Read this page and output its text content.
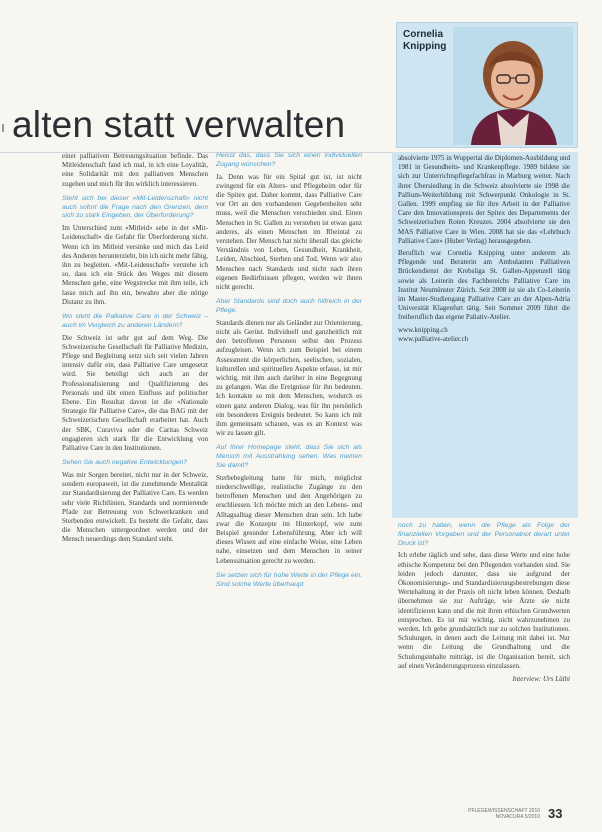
Cornelia
Knipping
alten statt verwalten

einer palliativen Betreuungsituation befinde. Das Mitleidenschaft fand ich mal, in ich eine Loyalität, eine Solidarität mit den palliativen Menschen zugehen und mich für ihn wirklich interessieren.

Steht sich bei dieser «Mit-Leidenschaft» nicht auch sofort die Frage nach den Grenzen, dem sich zu stark Eingeben, der Überforderung?

Im Unterschied zum «Mitleid» sehe in der «Mit-Leidenschaft» die Gefahr für Überforderung nicht. Wenn ich im Mitleid versinke und mich das Leid des Anderen herunterzieht, bin ich nicht mehr fähig, ihn zu begleiten. «Mit-Leidenschaft» verstehe ich so, dass ich ein Stück des Weges mit diesem Menschen gehe, eine Wegstrecke mit ihm teile, ich lasse mich auf ihn ein, bewahre aber die nötige Distanz zu ihm.

Wo steht die Palliative Care in der Schweiz – auch im Vergleich zu anderen Ländern?

Die Schweiz ist sehr gut auf dem Weg. Die Schweizerische Gesellschaft für Palliative Medizin, Pflege und Begleitung setzt sich seit vielen Jahren intensiv dafür ein, dass Palliative Care umgesetzt wird. Sie beteiligt sich auch an der Professionalisierung und Qualifizierung des Personals und übt einen Einfluss auf politischer Ebene. Ein Resultat davon ist die «Nationale Strategie für Palliative Care», die das BAG mit der Schweizerischen Gesellschaft erarbeitet hat. Auch der SBK, Curaviva oder die Caritas Schweiz engagieren sich stark für die Entwicklung von Palliative Care in den Institutionen.

Sehen Sie auch negative Entwicklungen?

Was mir Sorgen bereitet, nicht nur in der Schweiz, sondern europaweit, ist die zunehmende Mentalität zur Standardisierung der Palliative Care. Es werden sehr viele Richtlinien, Standards und normierende Pfade zur Betreuung von Schwerkranken und Sterbenden entwickelt. Es besteht die Gefahr, dass die Menschen untergeordnet werden und der Mensch neuerdings dem Standard steht.

Heisst das, dass Sie sich einen individuellen Zugang wünschen?

Ja. Denn was für ein Spital gut ist, ist nicht zwingend für ein Alters- und Pflegeheim oder für die Spitex gut. Daher kommt, dass Palliative Care vor Ort an den vorhandenen Gegebenheiten sehr muss, weil die Menschen verschieden sind. Einen Menschen in St. Gallen zu verstehen ist etwas ganz anderes, als einen Menschen im Rheintal zu verstehen. Der Mensch hat nicht überall das gleiche Verständnis von Leben, Gesundheit, Krankheit, Leiden, Abschied, Sterben und Tod. Wenn wir also Menschen nach Standards und nicht nach ihren eigenen Bedürfnissen pflegen, werden wir ihnen nicht gerecht.

Aber Standards sind doch auch hilfreich in der Pflege.

Standards dienen nur als Geländer zur Orientierung, nicht als Gerüst. Individuell und ganzheitlich mit den betroffenen Personen selbst den Prozess aufzugleisen. Wenn ich zum Beispiel bei einem Assessment die körperlichen, seelischen, sozialen, kulturellen und spirituellen Aspekte erfasse, ist mir wichtig, mit ihm auch darüber in eine Begegnung zu gelangen. Was die Ereignisse für ihn bedeuten. Ich kontakte so mit dem Menschen, wodurch es einen ganz anderen Dialog, was für ihn persönlich ein besonderes Ereignis bedeutet. So kann ich mit ihm gemeinsam schauen, was es an Kontext was wir zu lassen gilt.

Auf Ihrer Homepage steht, dass Sie sich als Mensch mit Ausstrahlung sehen. Was meinen Sie damit?

Sterbebegleitung hatte für mich, möglichst niederschwellige, realistische Zugänge zu den betroffenen Menschen und den Angehörigen zu erschliessen. Ich möchte mich an den Lebens- und Alltagsalltag dieser Menschen dran sein. Ich habe zwar die Konzepte im Hinterkopf, wie zum Beispiel gesunder Lebensführung. Aber ich will dieses Wissen auf eine einfache Weise, eine Leben nahe, einsetzen und dem Menschen in seiner Lebenssituation gerecht zu werden.

Sie setzen sich für hohe Werte in der Pflege ein. Sind solche Werte überhaupt

absolvierte 1975 in Wuppertal die Diplomen-Ausbildung und 1981 in Gesundheits- und Krankenpflege. 1989 bildete sie sich zur Unterrichtspflegefachfrau in Marburg weiter. Nach ihrer Übersiedlung in die Schweiz absolvierte sie 1998 die Pallium-Weiterbildung mit Schwerpunkt Onkologie in St. Gallen. 1999 empfing sie für ihre Arbeit in der Palliative Care den Innovationspreis der Spitex des Departements der Schweizerischen Roten Kreuzes. 2004 absolvierte sie den MAS Palliative Care in Wien. 2008 hat sie das «Lehrbuch Palliative Care» (Huber Verlag) herausgegeben.

Beruflich war Cornelia Knipping unter anderem als Pflegende und Beraterin am Ambulanten Palliativen Brückendienst der Krebsliga St. Gallen-Appenzell tätig sowie als Leiterin des Fachbereichs Palliative Care im Institut Neumünster Zürich. Seit 2008 ist sie als Co-Leiterin im Master-Studiengang Palliative Care an der Alpen-Adria Universität Klagenfurt tätig. Seit Sommer 2009 führt die freiberuflich das eigene Paliativ-Atelier.

www.knipping.ch
www.palliative-atelier.ch
noch zu halten, wenn die Pflege als Folge der finanziellen Vorgaben und der Personalnot derart unter Druck ist?

Ich erlebe täglich und sehe, dass diese Werte und eine hohe ethische Kompetenz bei den Pflegenden vorhanden sind. Sie leiden jedoch darunter, dass sie aufgrund der Ökonomisierungs- und Standardisierungsbestrebungen diese Wertehaltung in der Praxis oft nicht leben können. Deshalb übernehmen sie zur Aufträge, wie Ärzte sie nicht identifizieren kann und die mit ihren ethischen Grundwerten entsprechen. Es ist mir wichtig, nicht wahrzunehmen zu werden. Ich gebe grundsätzlich nur zu solchen Institutionen. Schulungen, in denen auch die Leitung mit dabei ist. Nur wenn die Leitung die Grundhaltung und die Schulungsinhalte mitträgt, ist die Organisation bereit, sich auf einen Veränderungsprozess einzulassen.

Interview: Urs Lüthi
PFLEGEWISSENSCHAFT 2010
NOVACURA 5/2010 33
